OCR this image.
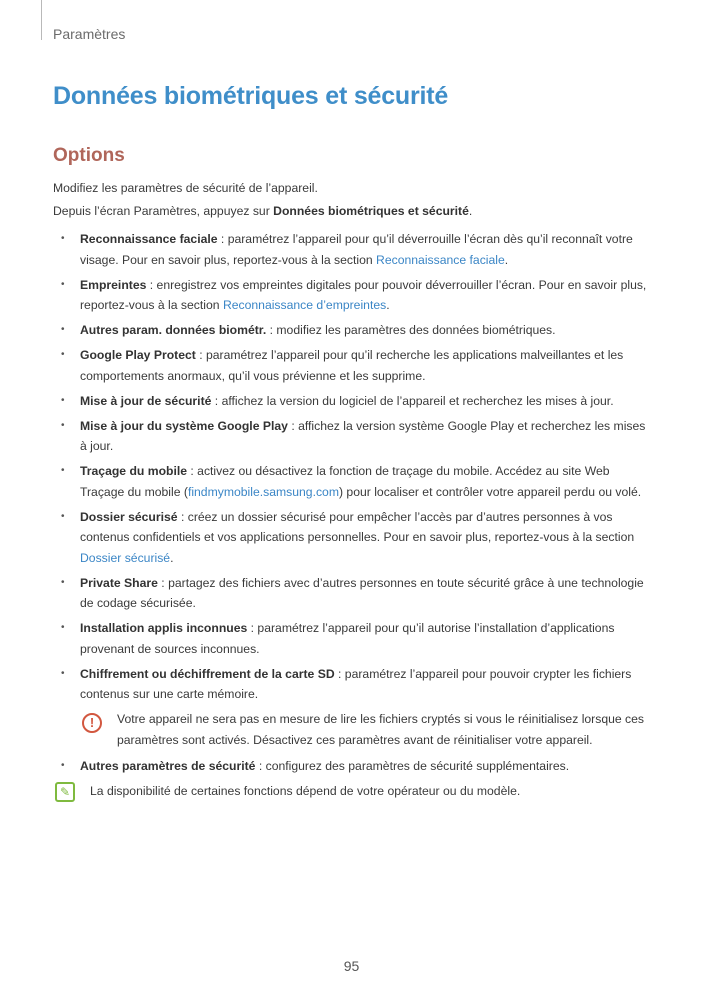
Paramètres
Données biométriques et sécurité
Options

Modifiez les paramètres de sécurité de l’appareil.

Depuis l’écran Paramètres, appuyez sur Données biométriques et sécurité.

• Reconnaissance faciale : paramétrez l’appareil pour qu’il déverrouille l’écran dès qu’il reconnaît votre visage. Pour en savoir plus, reportez-vous à la section Reconnaissance faciale.
• Empreintes : enregistrez vos empreintes digitales pour pouvoir déverrouiller l’écran. Pour en savoir plus, reportez-vous à la section Reconnaissance d’empreintes.
• Autres param. données biométr. : modifiez les paramètres des données biométriques.
• Google Play Protect : paramétrez l’appareil pour qu’il recherche les applications malveillantes et les comportements anormaux, qu’il vous prévienne et les supprime.
• Mise à jour de sécurité : affichez la version du logiciel de l’appareil et recherchez les mises à jour.
• Mise à jour du système Google Play : affichez la version système Google Play et recherchez les mises à jour.
• Traçage du mobile : activez ou désactivez la fonction de traçage du mobile. Accédez au site Web Traçage du mobile (findmymobile.samsung.com) pour localiser et contrôler votre appareil perdu ou volé.
• Dossier sécurisé : créez un dossier sécurisé pour empêcher l’accès par d’autres personnes à vos contenus confidentiels et vos applications personnelles. Pour en savoir plus, reportez-vous à la section Dossier sécurisé.
• Private Share : partagez des fichiers avec d’autres personnes en toute sécurité grâce à une technologie de codage sécurisée.
• Installation applis inconnues : paramétrez l’appareil pour qu’il autorise l’installation d’applications provenant de sources inconnues.
• Chiffrement ou déchiffrement de la carte SD : paramétrez l’appareil pour pouvoir crypter les fichiers contenus sur une carte mémoire.
!	Votre appareil ne sera pas en mesure de lire les fichiers cryptés si vous le réinitialisez lorsque ces paramètres sont activés. Désactivez ces paramètres avant de réinitialiser votre appareil.
• Autres paramètres de sécurité : configurez des paramètres de sécurité supplémentaires.
✎	La disponibilité de certaines fonctions dépend de votre opérateur ou du modèle.
95
